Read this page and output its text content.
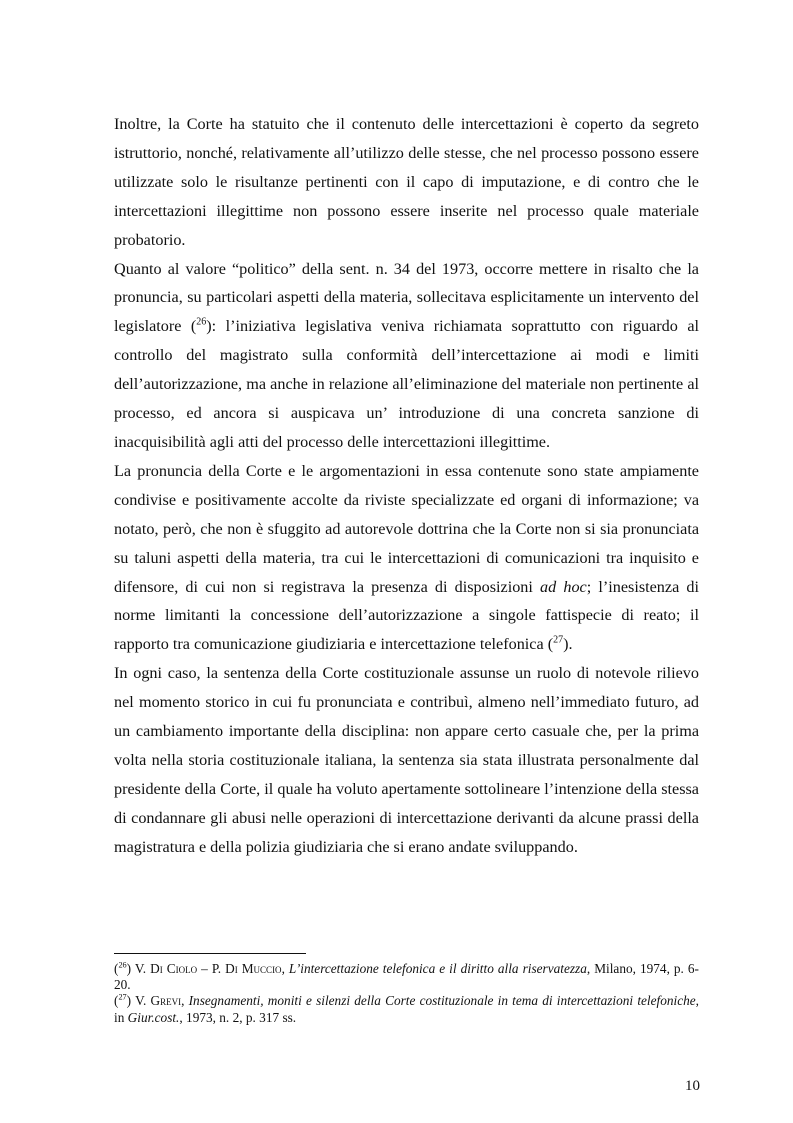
Inoltre, la Corte ha statuito che il contenuto delle intercettazioni è coperto da segreto istruttorio, nonché, relativamente all’utilizzo delle stesse, che nel processo possono essere utilizzate solo le risultanze pertinenti con il capo di imputazione, e di contro che le intercettazioni illegittime non possono essere inserite nel processo quale materiale probatorio.

Quanto al valore “politico” della sent. n. 34 del 1973, occorre mettere in risalto che la pronuncia, su particolari aspetti della materia, sollecitava esplicitamente un intervento del legislatore ($^{26}$): l’iniziativa legislativa veniva richiamata soprattutto con riguardo al controllo del magistrato sulla conformità dell’intercettazione ai modi e limiti dell’autorizzazione, ma anche in relazione all’eliminazione del materiale non pertinente al processo, ed ancora si auspicava un’ introduzione di una concreta sanzione di inacquisibilità agli atti del processo delle intercettazioni illegittime.

La pronuncia della Corte e le argomentazioni in essa contenute sono state ampiamente condivise e positivamente accolte da riviste specializzate ed organi di informazione; va notato, però, che non è sfuggito ad autorevole dottrina che la Corte non si sia pronunciata su taluni aspetti della materia, tra cui le intercettazioni di comunicazioni tra inquisito e difensore, di cui non si registrava la presenza di disposizioni ad hoc; l’inesistenza di norme limitanti la concessione dell’autorizzazione a singole fattispecie di reato; il rapporto tra comunicazione giudiziaria e intercettazione telefonica ($^{27}$).

In ogni caso, la sentenza della Corte costituzionale assunse un ruolo di notevole rilievo nel momento storico in cui fu pronunciata e contribuì, almeno nell’immediato futuro, ad un cambiamento importante della disciplina: non appare certo casuale che, per la prima volta nella storia costituzionale italiana, la sentenza sia stata illustrata personalmente dal presidente della Corte, il quale ha voluto apertamente sottolineare l’intenzione della stessa di condannare gli abusi nelle operazioni di intercettazione derivanti da alcune prassi della magistratura e della polizia giudiziaria che si erano andate sviluppando.

($^{26}$) V. Di Ciolo – P. Di Muccio, L’intercettazione telefonica e il diritto alla riservatezza, Milano, 1974, p. 6-20.

($^{27}$) V. Grevi, Insegnamenti, moniti e silenzi della Corte costituzionale in tema di intercettazioni telefoniche, in Giur.cost., 1973, n. 2, p. 317 ss.

10
